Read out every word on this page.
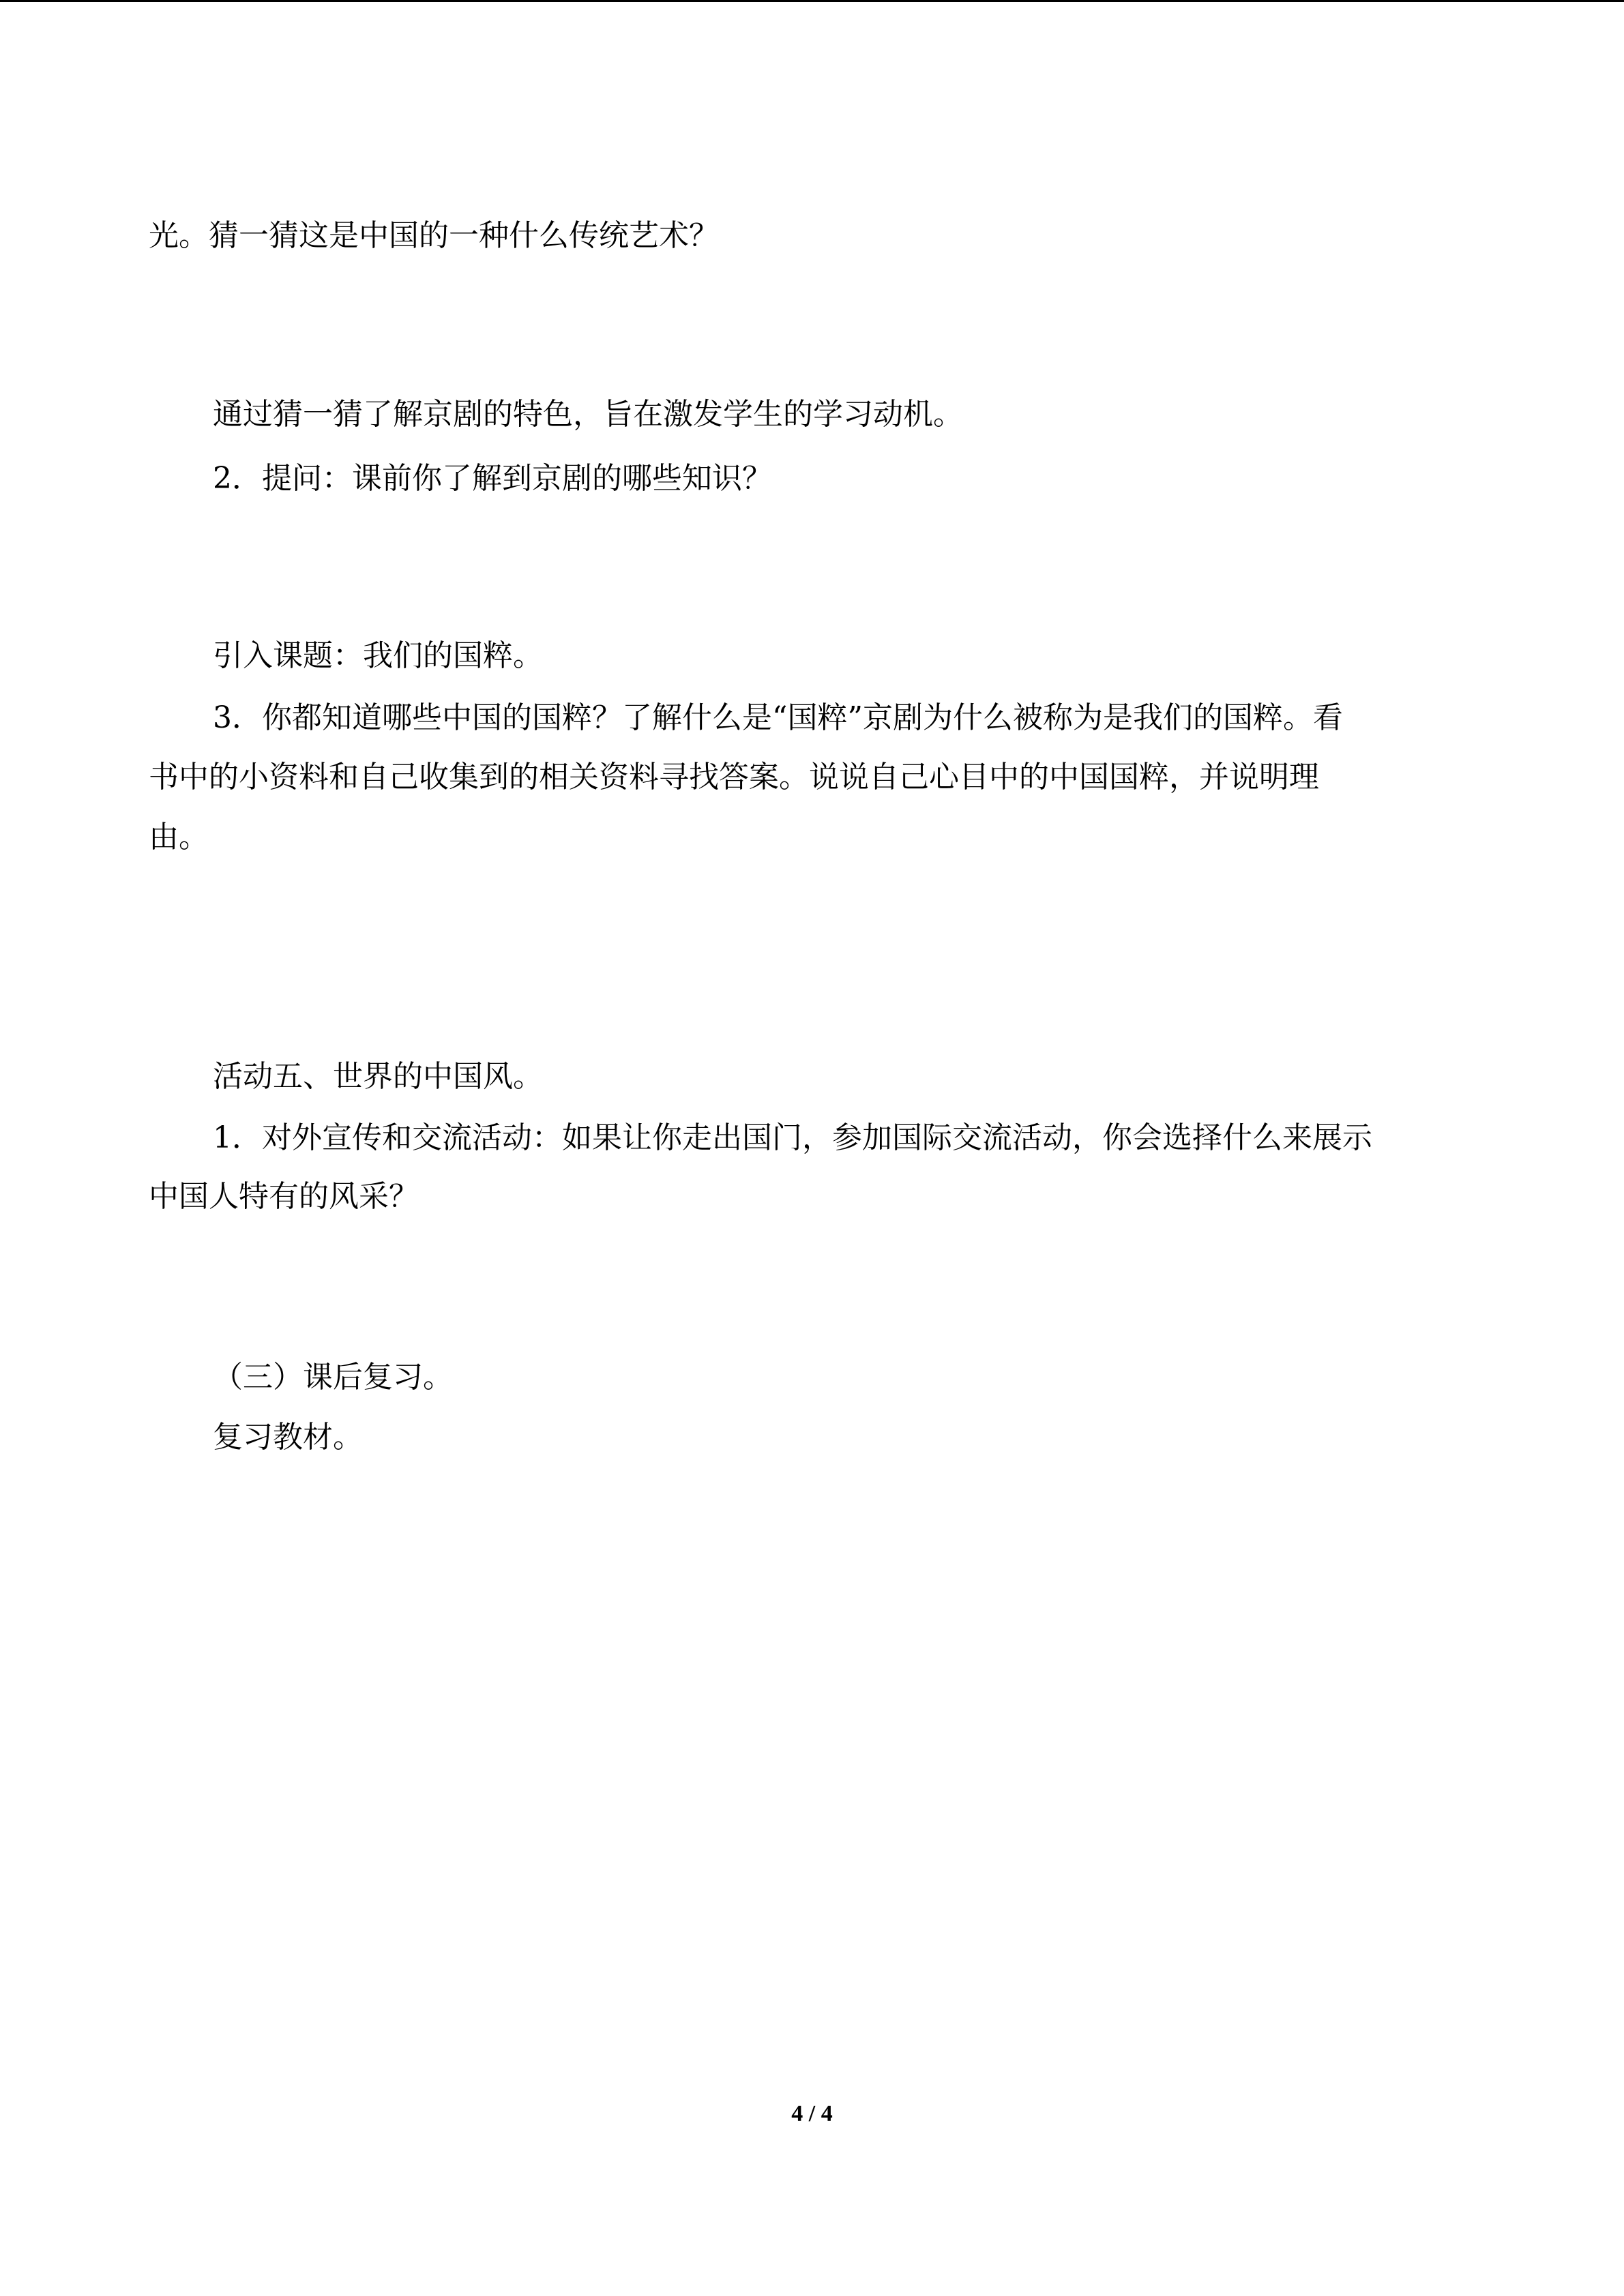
光。猜一猜这是中国的一种什么传统艺术？
通过猜一猜了解京剧的特色，旨在激发学生的学习动机。
2．提问：课前你了解到京剧的哪些知识？
引入课题：我们的国粹。
3．你都知道哪些中国的国粹？了解什么是“国粹”京剧为什么被称为是我们的国粹。看
书中的小资料和自己收集到的相关资料寻找答案。说说自己心目中的中国国粹，并说明理
由。
活动五、世界的中国风。
1．对外宣传和交流活动：如果让你走出国门，参加国际交流活动，你会选择什么来展示
中国人特有的风采？
（三）课后复习。
复习教材。
4 / 4
